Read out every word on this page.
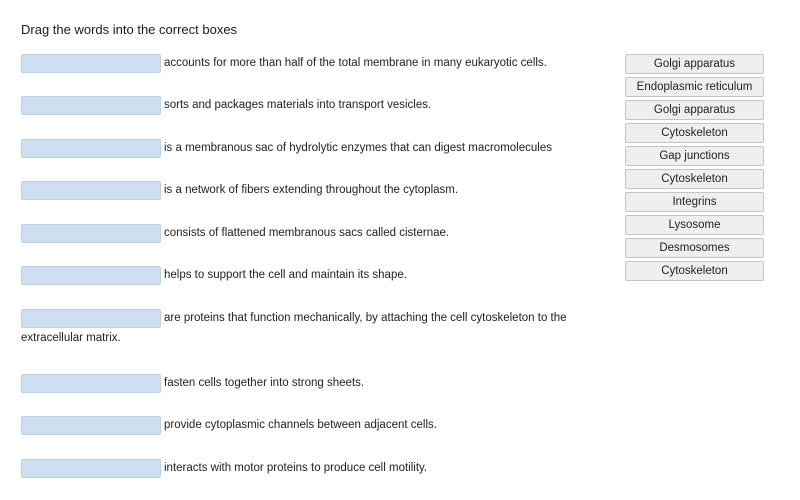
Drag the words into the correct boxes
accounts for more than half of the total membrane in many eukaryotic cells.
sorts and packages materials into transport vesicles.
is a membranous sac of hydrolytic enzymes that can digest macromolecules
is a network of fibers extending throughout the cytoplasm.
consists of flattened membranous sacs called cisternae.
helps to support the cell and maintain its shape.
are proteins that function mechanically, by attaching the cell cytoskeleton to the
extracellular matrix.
fasten cells together into strong sheets.
provide cytoplasmic channels between adjacent cells.
interacts with motor proteins to produce cell motility.
Golgi apparatus
Endoplasmic reticulum
Golgi apparatus
Cytoskeleton
Gap junctions
Cytoskeleton
Integrins
Lysosome
Desmosomes
Cytoskeleton
